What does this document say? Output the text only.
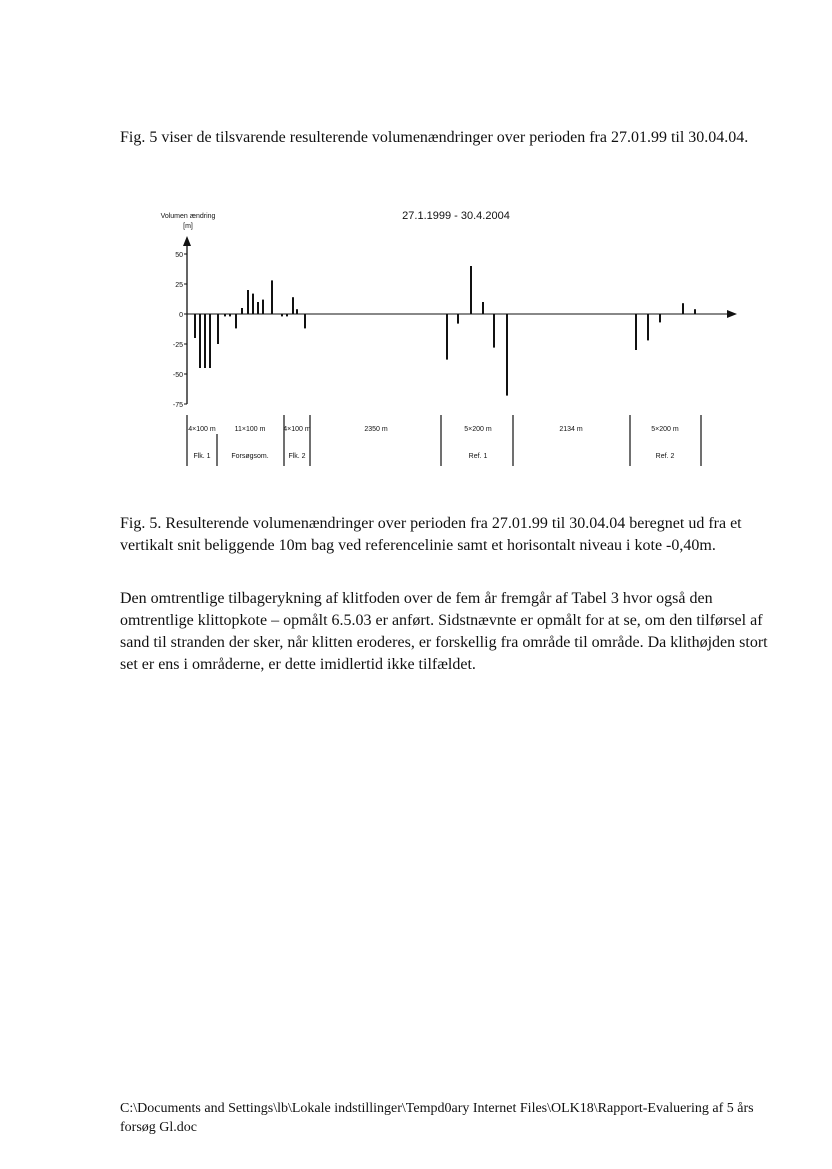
Fig. 5 viser de tilsvarende resulterende volumenændringer over perioden fra 27.01.99 til 30.04.04.

27.1.1999 - 30.4.2004
Volumen ændring
[m]
50
25
0
-25
-50
-75
4×100 m
Flk. 1
11×100 m
Forsøgsom.
4×100 m
Flk. 2
2350 m	5×200 m
Ref. 1
2134 m	5×200 m
Ref. 2

Fig. 5. Resulterende volumenændringer over perioden fra 27.01.99 til 30.04.04 beregnet ud fra et vertikalt snit beliggende 10m bag ved referencelinie samt et horisontalt niveau i kote -0,40m.

Den omtrentlige tilbagerykning af klitfoden over de fem år fremgår af Tabel 3 hvor også den omtrentlige klittopkote – opmålt 6.5.03 er anført. Sidstnævnte er opmålt for at se, om den tilførsel af sand til stranden der sker, når klitten eroderes, er forskellig fra område til område. Da klithøjden stort set er ens i områderne, er dette imidlertid ikke tilfældet.

C:\Documents and Settings\lb\Lokale indstillinger\Tempd0ary Internet Files\OLK18\Rapport-Evaluering af 5 års forsøg Gl.doc
